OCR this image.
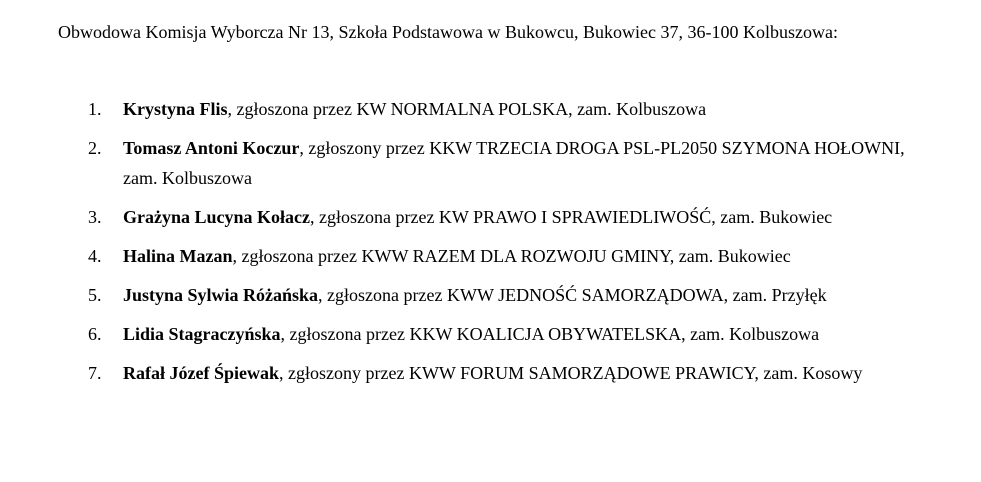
Obwodowa Komisja Wyborcza Nr 13, Szkoła Podstawowa w Bukowcu, Bukowiec 37, 36-100 Kolbuszowa:

1. Krystyna Flis, zgłoszona przez KW NORMALNA POLSKA, zam. Kolbuszowa
2. Tomasz Antoni Koczur, zgłoszony przez KKW TRZECIA DROGA PSL-PL2050 SZYMONA HOŁOWNI, zam. Kolbuszowa
3. Grażyna Lucyna Kołacz, zgłoszona przez KW PRAWO I SPRAWIEDLIWOŚĆ, zam. Bukowiec
4. Halina Mazan, zgłoszona przez KWW RAZEM DLA ROZWOJU GMINY, zam. Bukowiec
5. Justyna Sylwia Różańska, zgłoszona przez KWW JEDNOŚĆ SAMORZĄDOWA, zam. Przyłęk
6. Lidia Stagraczyńska, zgłoszona przez KKW KOALICJA OBYWATELSKA, zam. Kolbuszowa
7. Rafał Józef Śpiewak, zgłoszony przez KWW FORUM SAMORZĄDOWE PRAWICY, zam. Kosowy
